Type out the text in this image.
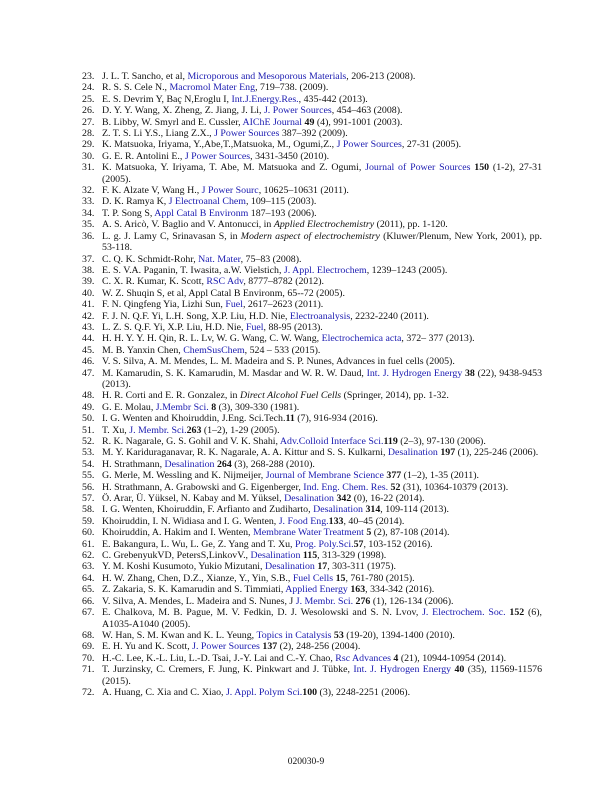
23. J. L. T. Sancho, et al, Microporous and Mesoporous Materials, 206-213 (2008).
24. R. S. S. Cele N., Macromol Mater Eng, 719–738. (2009).
25. E. S. Devrim Y, Baç N,Eroglu I, Int.J.Energy.Res., 435-442 (2013).
26. D. Y. Y. Wang, X. Zheng, Z. Jiang, J. Li, J. Power Sources, 454–463 (2008).
27. B. Libby, W. Smyrl and E. Cussler, AIChE Journal 49 (4), 991-1001 (2003).
28. Z. T. S. Li Y.S., Liang Z.X., J Power Sources 387–392 (2009).
29. K. Matsuoka, Iriyama, Y.,Abe,T.,Matsuoka, M., Ogumi,Z., J Power Sources, 27-31 (2005).
30. G. E. R. Antolini E., J Power Sources, 3431-3450 (2010).
31. K. Matsuoka, Y. Iriyama, T. Abe, M. Matsuoka and Z. Ogumi, Journal of Power Sources 150 (1-2), 27-31 (2005).
32. F. K. Alzate V, Wang H., J Power Sourc, 10625–10631 (2011).
33. D. K. Ramya K, J Electroanal Chem, 109–115 (2003).
34. T. P. Song S, Appl Catal B Environm 187–193 (2006).
35. A. S. Aricò, V. Baglio and V. Antonucci, in Applied Electrochemistry (2011), pp. 1-120.
36. L. g. J. Lamy C, Srinavasan S, in Modern aspect of electrochemistry (Kluwer/Plenum, New York, 2001), pp. 53-118.
37. C. Q. K. Schmidt-Rohr, Nat. Mater, 75–83 (2008).
38. E. S. V.A. Paganin, T. Iwasita, a.W. Vielstich, J. Appl. Electrochem, 1239–1243 (2005).
39. C. X. R. Kumar, K. Scott, RSC Adv, 8777–8782 (2012).
40. W. Z. Shuqin S, et al, Appl Catal B Environm, 65--72 (2005).
41. F. N. Qingfeng Yia, Lizhi Sun, Fuel, 2617–2623 (2011).
42. F. J. N. Q.F. Yi, L.H. Song, X.P. Liu, H.D. Nie, Electroanalysis, 2232-2240 (2011).
43. L. Z. S. Q.F. Yi, X.P. Liu, H.D. Nie, Fuel, 88-95 (2013).
44. H. H. Y. Y. H. Qin, R. L. Lv, W. G. Wang, C. W. Wang, Electrochemica acta, 372– 377 (2013).
45. M. B. Yanxin Chen, ChemSusChem, 524 – 533 (2015).
46. V. S. Silva, A. M. Mendes, L. M. Madeira and S. P. Nunes, Advances in fuel cells (2005).
47. M. Kamarudin, S. K. Kamarudin, M. Masdar and W. R. W. Daud, Int. J. Hydrogen Energy 38 (22), 9438-9453 (2013).
48. H. R. Corti and E. R. Gonzalez, in Direct Alcohol Fuel Cells (Springer, 2014), pp. 1-32.
49. G. E. Molau, J.Membr Sci. 8 (3), 309-330 (1981).
50. I. G. Wenten and Khoiruddin, J.Eng. Sci.Tech.11 (7), 916-934 (2016).
51. T. Xu, J. Membr. Sci.263 (1–2), 1-29 (2005).
52. R. K. Nagarale, G. S. Gohil and V. K. Shahi, Adv.Colloid Interface Sci.119 (2–3), 97-130 (2006).
53. M. Y. Kariduraganavar, R. K. Nagarale, A. A. Kittur and S. S. Kulkarni, Desalination 197 (1), 225-246 (2006).
54. H. Strathmann, Desalination 264 (3), 268-288 (2010).
55. G. Merle, M. Wessling and K. Nijmeijer, Journal of Membrane Science 377 (1–2), 1-35 (2011).
56. H. Strathmann, A. Grabowski and G. Eigenberger, Ind. Eng. Chem. Res. 52 (31), 10364-10379 (2013).
57. Ö. Arar, Ü. Yüksel, N. Kabay and M. Yüksel, Desalination 342 (0), 16-22 (2014).
58. I. G. Wenten, Khoiruddin, F. Arfianto and Zudiharto, Desalination 314, 109-114 (2013).
59. Khoiruddin, I. N. Widiasa and I. G. Wenten, J. Food Eng.133, 40–45 (2014).
60. Khoiruddin, A. Hakim and I. Wenten, Membrane Water Treatment 5 (2), 87-108 (2014).
61. E. Bakangura, L. Wu, L. Ge, Z. Yang and T. Xu, Prog. Poly.Sci.57, 103-152 (2016).
62. C. GrebenyukVD, PetersS,LinkovV., Desalination 115, 313-329 (1998).
63. Y. M. Koshi Kusumoto, Yukio Mizutani, Desalination 17, 303-311 (1975).
64. H. W. Zhang, Chen, D.Z., Xianze, Y., Yin, S.B., Fuel Cells 15, 761-780 (2015).
65. Z. Zakaria, S. K. Kamarudin and S. Timmiati, Applied Energy 163, 334-342 (2016).
66. V. Silva, A. Mendes, L. Madeira and S. Nunes, J J. Membr. Sci. 276 (1), 126-134 (2006).
67. E. Chalkova, M. B. Pague, M. V. Fedkin, D. J. Wesolowski and S. N. Lvov, J. Electrochem. Soc. 152 (6), A1035-A1040 (2005).
68. W. Han, S. M. Kwan and K. L. Yeung, Topics in Catalysis 53 (19-20), 1394-1400 (2010).
69. E. H. Yu and K. Scott, J. Power Sources 137 (2), 248-256 (2004).
70. H.-C. Lee, K.-L. Liu, L.-D. Tsai, J.-Y. Lai and C.-Y. Chao, Rsc Advances 4 (21), 10944-10954 (2014).
71. T. Jurzinsky, C. Cremers, F. Jung, K. Pinkwart and J. Tübke, Int. J. Hydrogen Energy 40 (35), 11569-11576 (2015).
72. A. Huang, C. Xia and C. Xiao, J. Appl. Polym Sci.100 (3), 2248-2251 (2006).
020030-9
